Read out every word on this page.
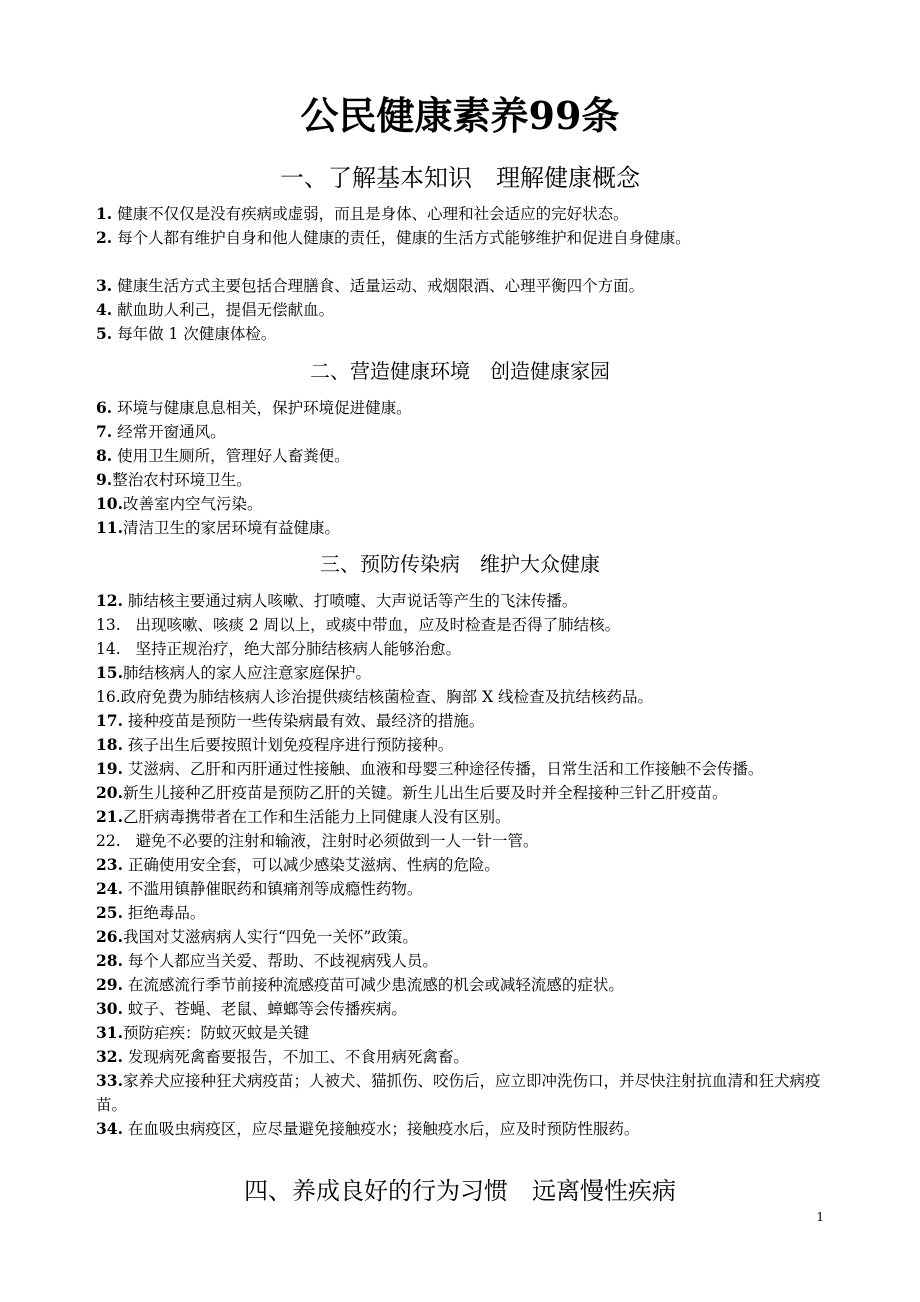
公民健康素养99条
一、了解基本知识　理解健康概念

1. 健康不仅仅是没有疾病或虚弱，而且是身体、心理和社会适应的完好状态。

2. 每个人都有维护自身和他人健康的责任，健康的生活方式能够维护和促进自身健康。

3. 健康生活方式主要包括合理膳食、适量运动、戒烟限酒、心理平衡四个方面。

4. 献血助人利己，提倡无偿献血。

5. 每年做 1 次健康体检。

二、营造健康环境　创造健康家园

6. 环境与健康息息相关，保护环境促进健康。

7. 经常开窗通风。

8. 使用卫生厕所，管理好人畜粪便。

9.整治农村环境卫生。

10.改善室内空气污染。

11.清洁卫生的家居环境有益健康。

三、预防传染病　维护大众健康

12. 肺结核主要通过病人咳嗽、打喷嚏、大声说话等产生的飞沫传播。

13. 出现咳嗽、咳痰 2 周以上，或痰中带血，应及时检查是否得了肺结核。

14. 坚持正规治疗，绝大部分肺结核病人能够治愈。

15.肺结核病人的家人应注意家庭保护。

16.政府免费为肺结核病人诊治提供痰结核菌检查、胸部 X 线检查及抗结核药品。

17. 接种疫苗是预防一些传染病最有效、最经济的措施。

18. 孩子出生后要按照计划免疫程序进行预防接种。

19. 艾滋病、乙肝和丙肝通过性接触、血液和母婴三种途径传播，日常生活和工作接触不会传播。

20.新生儿接种乙肝疫苗是预防乙肝的关键。新生儿出生后要及时并全程接种三针乙肝疫苗。

21.乙肝病毒携带者在工作和生活能力上同健康人没有区别。

22. 避免不必要的注射和输液，注射时必须做到一人一针一管。

23. 正确使用安全套，可以减少感染艾滋病、性病的危险。

24. 不滥用镇静催眠药和镇痛剂等成瘾性药物。

25. 拒绝毒品。

26.我国对艾滋病病人实行“四免一关怀”政策。

28. 每个人都应当关爱、帮助、不歧视病残人员。

29. 在流感流行季节前接种流感疫苗可减少患流感的机会或减轻流感的症状。

30. 蚊子、苍蝇、老鼠、蟑螂等会传播疾病。

31.预防疟疾：防蚊灭蚊是关键

32. 发现病死禽畜要报告，不加工、不食用病死禽畜。

33.家养犬应接种狂犬病疫苗；人被犬、猫抓伤、咬伤后，应立即冲洗伤口，并尽快注射抗血清和狂犬病疫苗。

34. 在血吸虫病疫区，应尽量避免接触疫水；接触疫水后，应及时预防性服药。

四、养成良好的行为习惯　远离慢性疾病
1
